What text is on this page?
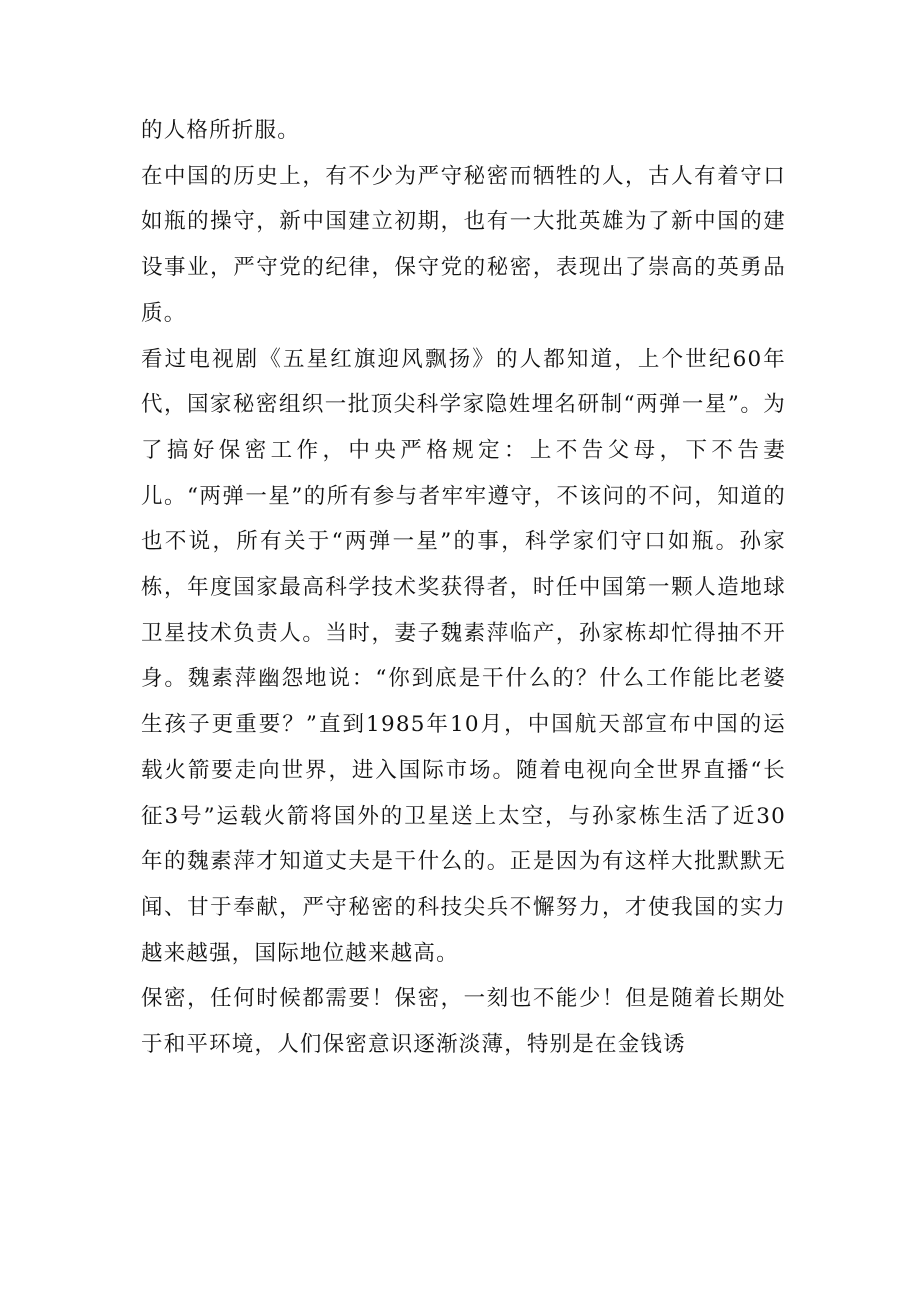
的人格所折服。

在中国的历史上，有不少为严守秘密而牺牲的人，古人有着守口如瓶的操守，新中国建立初期，也有一大批英雄为了新中国的建设事业，严守党的纪律，保守党的秘密，表现出了崇高的英勇品质。

看过电视剧《五星红旗迎风飘扬》的人都知道，上个世纪60年代，国家秘密组织一批顶尖科学家隐姓埋名研制“两弹一星”。为了搞好保密工作，中央严格规定：上不告父母，下不告妻儿。“两弹一星”的所有参与者牢牢遵守，不该问的不问，知道的也不说，所有关于“两弹一星”的事，科学家们守口如瓶。孙家栋，年度国家最高科学技术奖获得者，时任中国第一颗人造地球卫星技术负责人。当时，妻子魏素萍临产，孙家栋却忙得抽不开身。魏素萍幽怨地说：“你到底是干什么的？什么工作能比老婆生孩子更重要？”直到1985年10月，中国航天部宣布中国的运载火箭要走向世界，进入国际市场。随着电视向全世界直播“长征3号”运载火箭将国外的卫星送上太空，与孙家栋生活了近30年的魏素萍才知道丈夫是干什么的。正是因为有这样大批默默无闻、甘于奉献，严守秘密的科技尖兵不懈努力，才使我国的实力越来越强，国际地位越来越高。

保密，任何时候都需要！保密，一刻也不能少！但是随着长期处于和平环境，人们保密意识逐渐淡薄，特别是在金钱诱
